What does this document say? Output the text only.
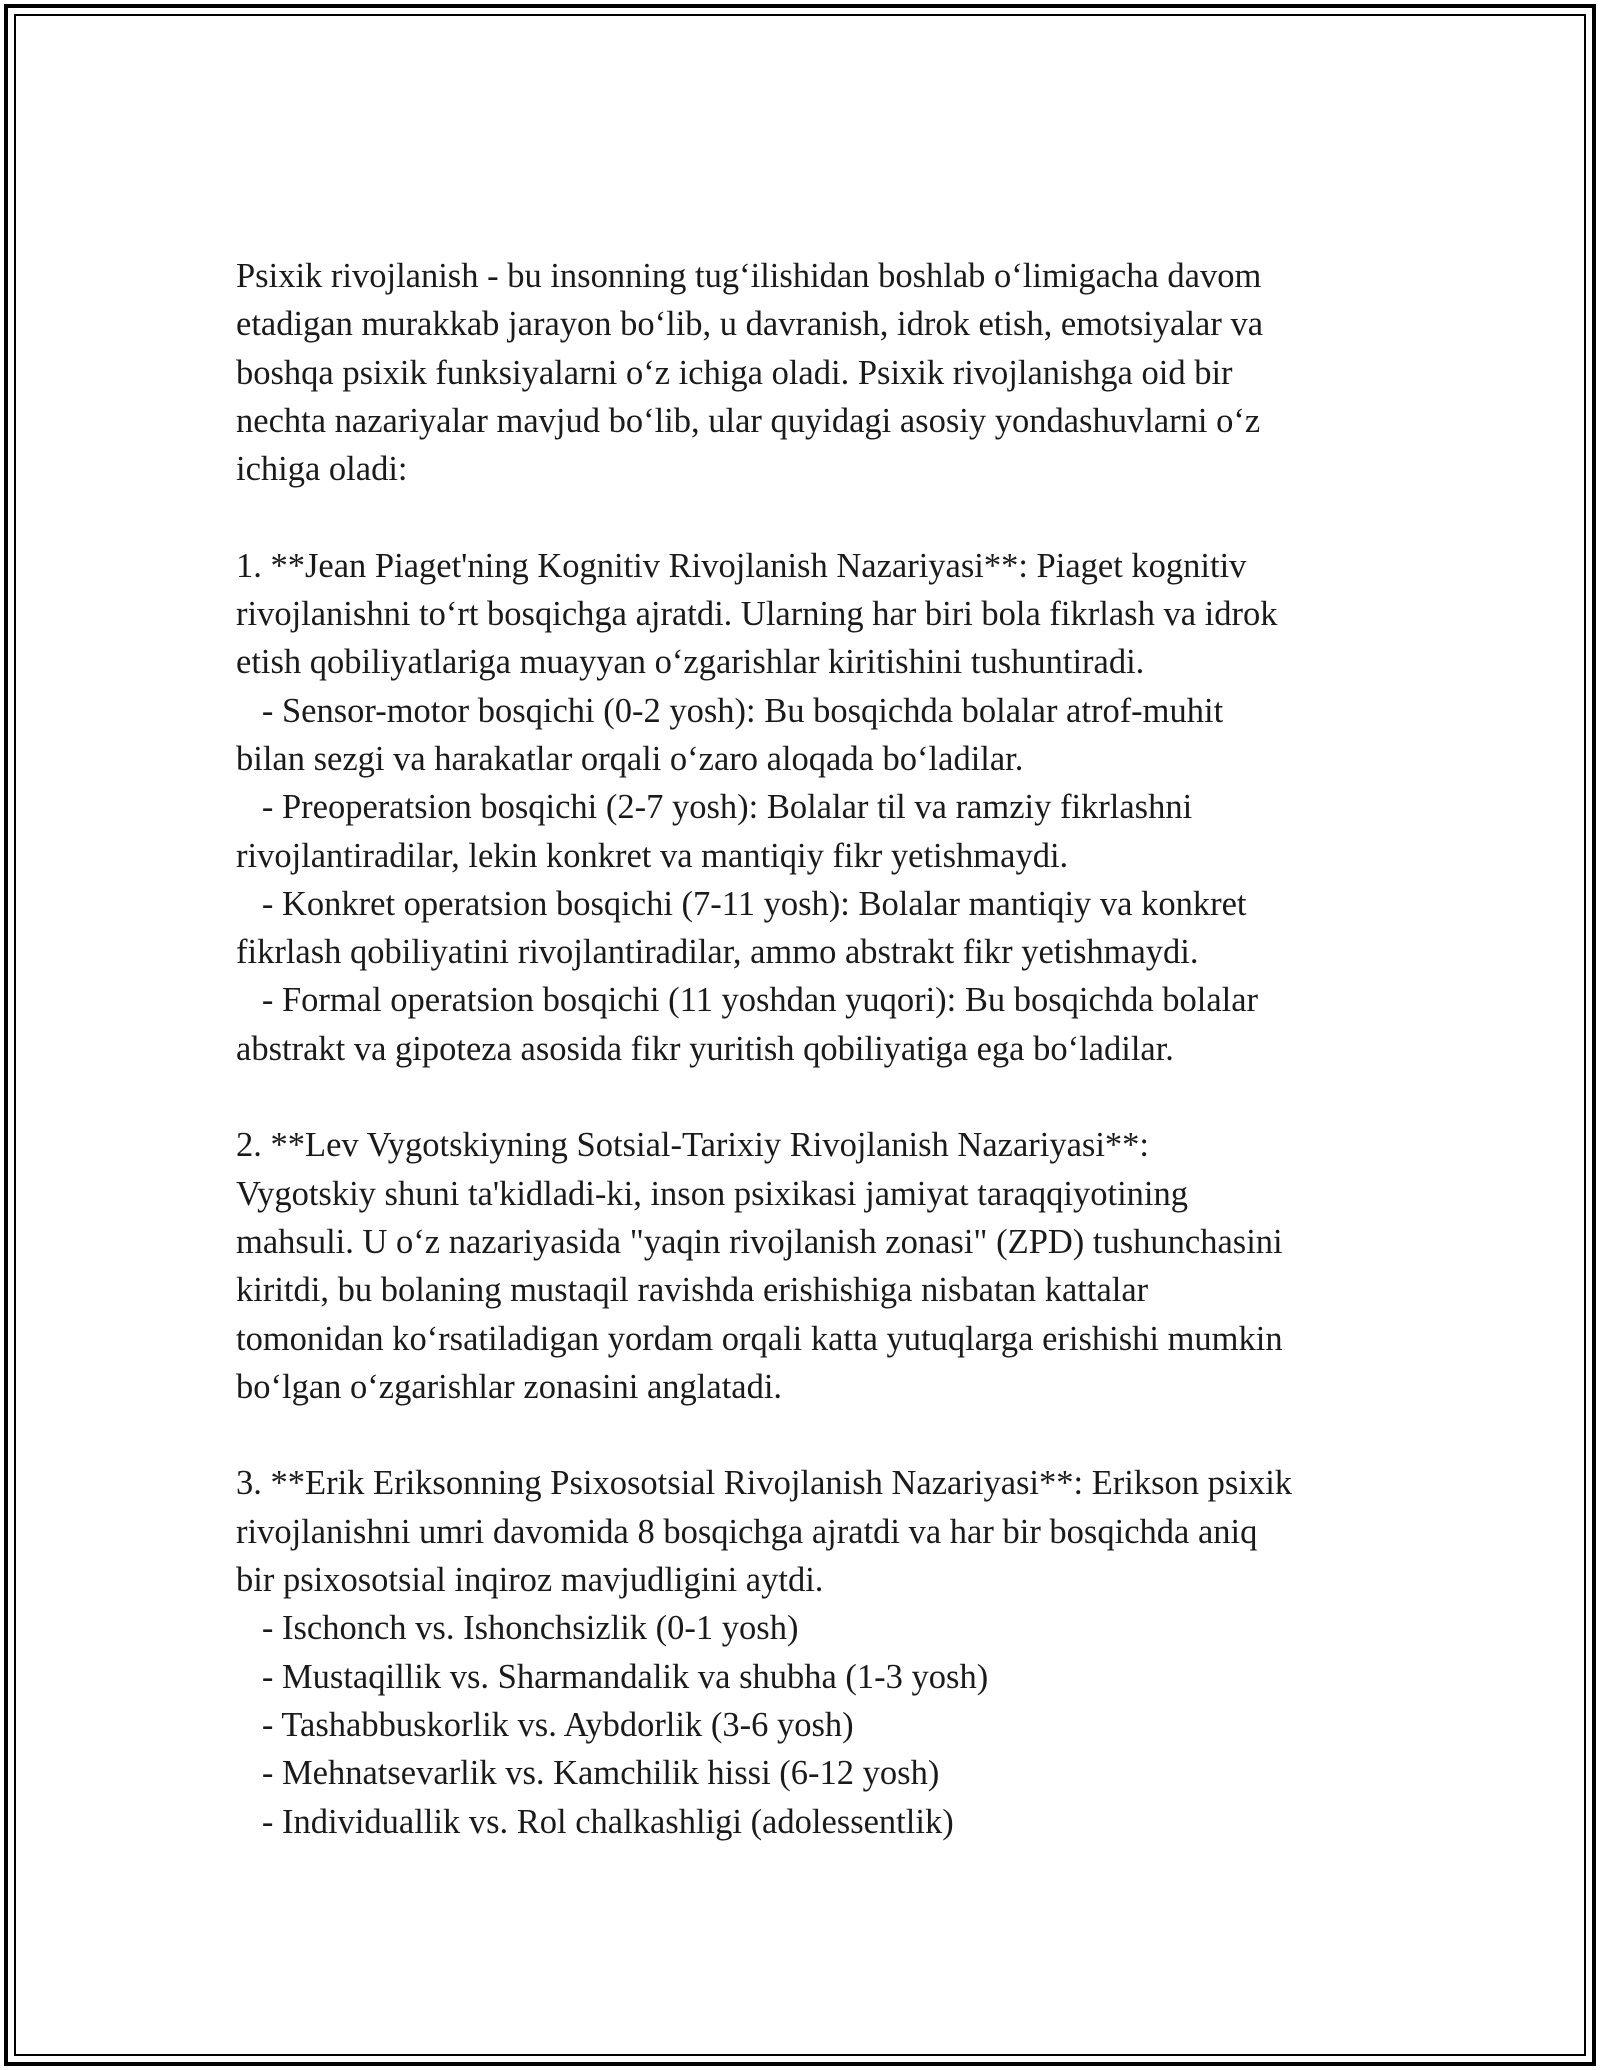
Psixik rivojlanish - bu insonning tug‘ilishidan boshlab o‘limigacha davom
etadigan murakkab jarayon bo‘lib, u davranish, idrok etish, emotsiyalar va
boshqa psixik funksiyalarni o‘z ichiga oladi. Psixik rivojlanishga oid bir
nechta nazariyalar mavjud bo‘lib, ular quyidagi asosiy yondashuvlarni o‘z
ichiga oladi:

1. **Jean Piaget'ning Kognitiv Rivojlanish Nazariyasi**: Piaget kognitiv
rivojlanishni to‘rt bosqichga ajratdi. Ularning har biri bola fikrlash va idrok
etish qobiliyatlariga muayyan o‘zgarishlar kiritishini tushuntiradi.
- Sensor-motor bosqichi (0-2 yosh): Bu bosqichda bolalar atrof-muhit
bilan sezgi va harakatlar orqali o‘zaro aloqada bo‘ladilar.
- Preoperatsion bosqichi (2-7 yosh): Bolalar til va ramziy fikrlashni
rivojlantiradilar, lekin konkret va mantiqiy fikr yetishmaydi.
- Konkret operatsion bosqichi (7-11 yosh): Bolalar mantiqiy va konkret
fikrlash qobiliyatini rivojlantiradilar, ammo abstrakt fikr yetishmaydi.
- Formal operatsion bosqichi (11 yoshdan yuqori): Bu bosqichda bolalar
abstrakt va gipoteza asosida fikr yuritish qobiliyatiga ega bo‘ladilar.

2. **Lev Vygotskiyning Sotsial-Tarixiy Rivojlanish Nazariyasi**:
Vygotskiy shuni ta'kidladi-ki, inson psixikasi jamiyat taraqqiyotining
mahsuli. U o‘z nazariyasida "yaqin rivojlanish zonasi" (ZPD) tushunchasini
kiritdi, bu bolaning mustaqil ravishda erishishiga nisbatan kattalar
tomonidan ko‘rsatiladigan yordam orqali katta yutuqlarga erishishi mumkin
bo‘lgan o‘zgarishlar zonasini anglatadi.

3. **Erik Eriksonning Psixosotsial Rivojlanish Nazariyasi**: Erikson psixik
rivojlanishni umri davomida 8 bosqichga ajratdi va har bir bosqichda aniq
bir psixosotsial inqiroz mavjudligini aytdi.
- Ischonch vs. Ishonchsizlik (0-1 yosh)
- Mustaqillik vs. Sharmandalik va shubha (1-3 yosh)
- Tashabbuskorlik vs. Aybdorlik (3-6 yosh)
- Mehnatsevarlik vs. Kamchilik hissi (6-12 yosh)
- Individuallik vs. Rol chalkashligi (adolessentlik)
